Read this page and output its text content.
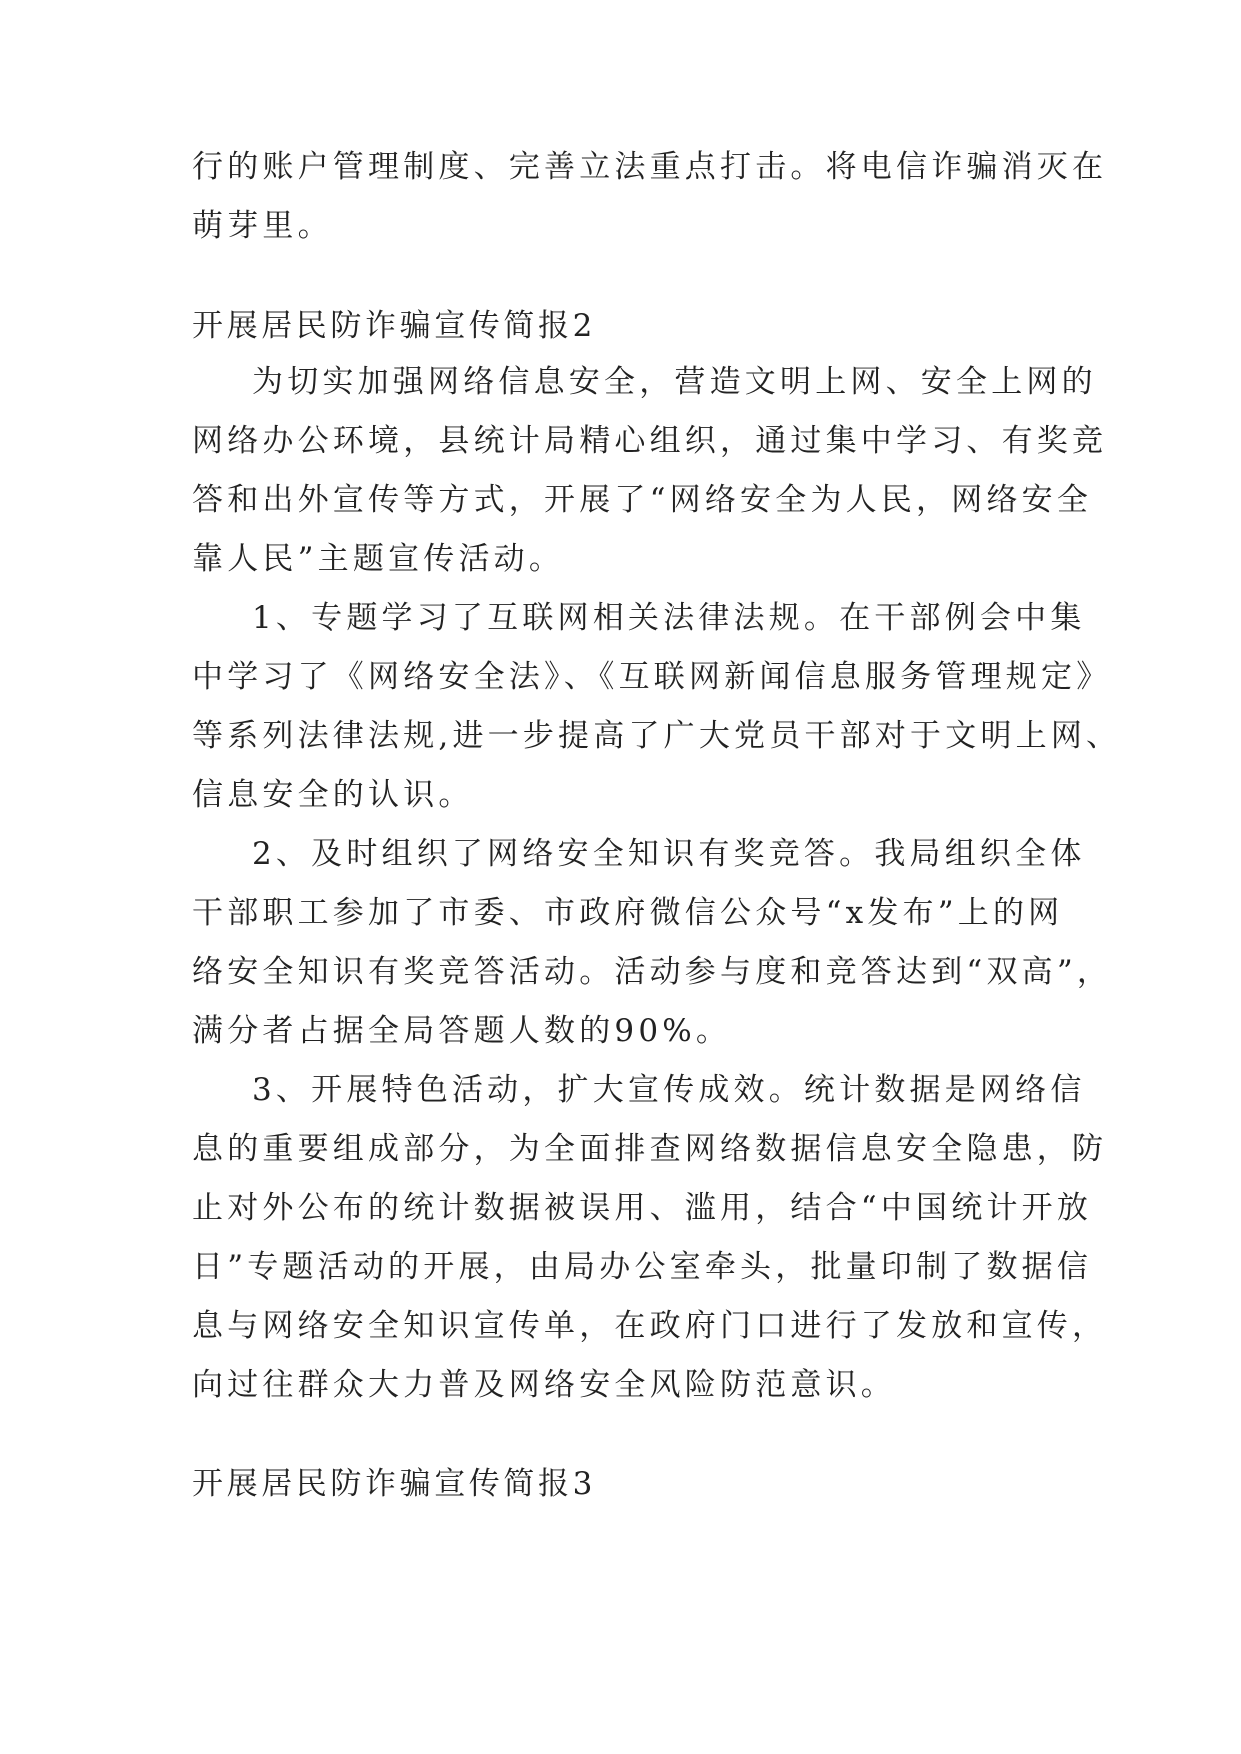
行的账户管理制度、完善立法重点打击。将电信诈骗消灭在
萌芽里。
开展居民防诈骗宣传简报2
为切实加强网络信息安全，营造文明上网、安全上网的
网络办公环境，县统计局精心组织，通过集中学习、有奖竞
答和出外宣传等方式，开展了“网络安全为人民，网络安全
靠人民”主题宣传活动。
1、专题学习了互联网相关法律法规。在干部例会中集
中学习了《网络安全法》、《互联网新闻信息服务管理规定》
等系列法律法规,进一步提高了广大党员干部对于文明上网、
信息安全的认识。
2、及时组织了网络安全知识有奖竞答。我局组织全体
干部职工参加了市委、市政府微信公众号“x发布”上的网
络安全知识有奖竞答活动。活动参与度和竞答达到“双高”，
满分者占据全局答题人数的90%。
3、开展特色活动，扩大宣传成效。统计数据是网络信
息的重要组成部分，为全面排查网络数据信息安全隐患，防
止对外公布的统计数据被误用、滥用，结合“中国统计开放
日”专题活动的开展，由局办公室牵头，批量印制了数据信
息与网络安全知识宣传单，在政府门口进行了发放和宣传，
向过往群众大力普及网络安全风险防范意识。
开展居民防诈骗宣传简报3
